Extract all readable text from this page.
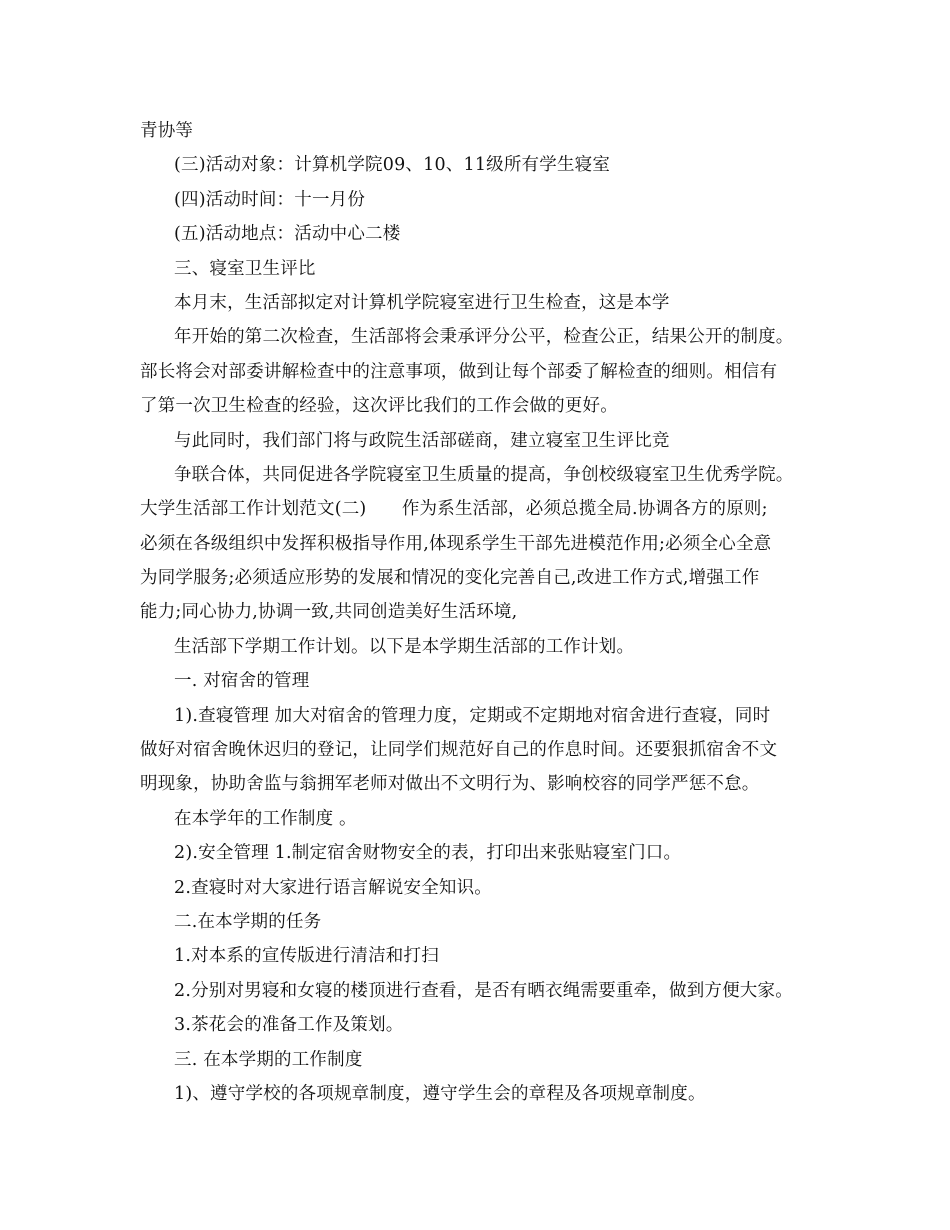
青协等
(三)活动对象：计算机学院09、10、11级所有学生寝室
(四)活动时间：十一月份
(五)活动地点：活动中心二楼
三、寝室卫生评比
本月末，生活部拟定对计算机学院寝室进行卫生检查，这是本学
年开始的第二次检查，生活部将会秉承评分公平，检查公正，结果公开的制度。
部长将会对部委讲解检查中的注意事项，做到让每个部委了解检查的细则。相信有
了第一次卫生检查的经验，这次评比我们的工作会做的更好。
与此同时，我们部门将与政院生活部磋商，建立寝室卫生评比竞
争联合体，共同促进各学院寝室卫生质量的提高，争创校级寝室卫生优秀学院。
大学生活部工作计划范文(二)　　作为系生活部，必须总揽全局.协调各方的原则;
必须在各级组织中发挥积极指导作用,体现系学生干部先进模范作用;必须全心全意
为同学服务;必须适应形势的发展和情况的变化完善自己,改进工作方式,增强工作
能力;同心协力,协调一致,共同创造美好生活环境,
生活部下学期工作计划。以下是本学期生活部的工作计划。
一. 对宿舍的管理
1).查寝管理 加大对宿舍的管理力度，定期或不定期地对宿舍进行查寝，同时
做好对宿舍晚休迟归的登记，让同学们规范好自己的作息时间。还要狠抓宿舍不文
明现象，协助舍监与翁拥军老师对做出不文明行为、影响校容的同学严惩不怠。
在本学年的工作制度 。
2).安全管理 1.制定宿舍财物安全的表，打印出来张贴寝室门口。
2.查寝时对大家进行语言解说安全知识。
二.在本学期的任务
1.对本系的宣传版进行清洁和打扫
2.分别对男寝和女寝的楼顶进行查看，是否有晒衣绳需要重牵，做到方便大家。
3.茶花会的准备工作及策划。
三. 在本学期的工作制度
1)、遵守学校的各项规章制度，遵守学生会的章程及各项规章制度。
